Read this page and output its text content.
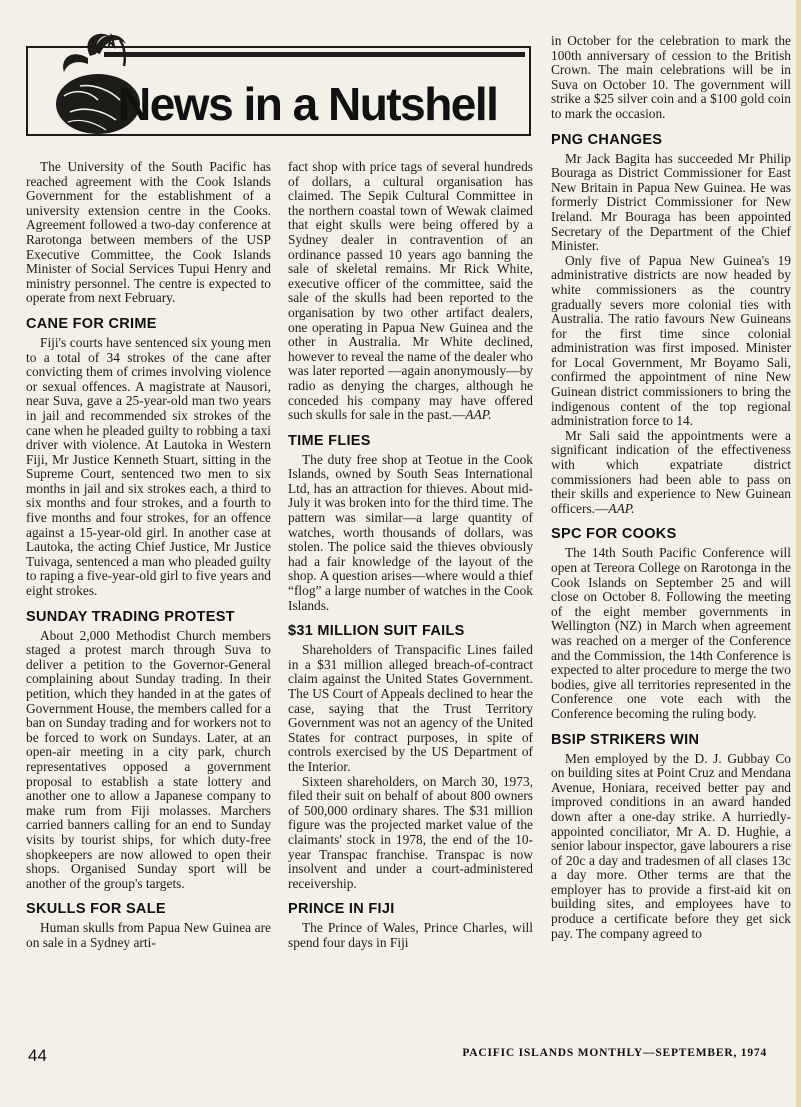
News in a Nutshell

The University of the South Pacific has reached agreement with the Cook Islands Government for the establishment of a university extension centre in the Cooks. Agreement followed a two-day conference at Rarotonga between members of the USP Executive Committee, the Cook Islands Minister of Social Services Tupui Henry and ministry personnel. The centre is expected to operate from next February.

CANE FOR CRIME

Fiji's courts have sentenced six young men to a total of 34 strokes of the cane after convicting them of crimes involving violence or sexual offences. A magistrate at Nausori, near Suva, gave a 25-year-old man two years in jail and recommended six strokes of the cane when he pleaded guilty to robbing a taxi driver with violence. At Lautoka in Western Fiji, Mr Justice Kenneth Stuart, sitting in the Supreme Court, sentenced two men to six months in jail and six strokes each, a third to six months and four strokes, and a fourth to five months and four strokes, for an offence against a 15-year-old girl. In another case at Lautoka, the acting Chief Justice, Mr Justice Tuivaga, sentenced a man who pleaded guilty to raping a five-year-old girl to five years and eight strokes.

SUNDAY TRADING PROTEST

About 2,000 Methodist Church members staged a protest march through Suva to deliver a petition to the Governor-General complaining about Sunday trading. In their petition, which they handed in at the gates of Government House, the members called for a ban on Sunday trading and for workers not to be forced to work on Sundays. Later, at an open-air meeting in a city park, church representatives opposed a government proposal to establish a state lottery and another one to allow a Japanese company to make rum from Fiji molasses. Marchers carried banners calling for an end to Sunday visits by tourist ships, for which duty-free shopkeepers are now allowed to open their shops. Organised Sunday sport will be another of the group's targets.

SKULLS FOR SALE

Human skulls from Papua New Guinea are on sale in a Sydney arti-

fact shop with price tags of several hundreds of dollars, a cultural organisation has claimed. The Sepik Cultural Committee in the northern coastal town of Wewak claimed that eight skulls were being offered by a Sydney dealer in contravention of an ordinance passed 10 years ago banning the sale of skeletal remains. Mr Rick White, executive officer of the committee, said the sale of the skulls had been reported to the organisation by two other artifact dealers, one operating in Papua New Guinea and the other in Australia. Mr White declined, however to reveal the name of the dealer who was later reported —again anonymously—by radio as denying the charges, although he conceded his company may have offered such skulls for sale in the past.—AAP.

TIME FLIES

The duty free shop at Teotue in the Cook Islands, owned by South Seas International Ltd, has an attraction for thieves. About mid-July it was broken into for the third time. The pattern was similar—a large quantity of watches, worth thousands of dollars, was stolen. The police said the thieves obviously had a fair knowledge of the layout of the shop. A question arises—where would a thief “flog” a large number of watches in the Cook Islands.

$31 MILLION SUIT FAILS

Shareholders of Transpacific Lines failed in a $31 million alleged breach-of-contract claim against the United States Government. The US Court of Appeals declined to hear the case, saying that the Trust Territory Government was not an agency of the United States for contract purposes, in spite of controls exercised by the US Department of the Interior.

Sixteen shareholders, on March 30, 1973, filed their suit on behalf of about 800 owners of 500,000 ordinary shares. The $31 million figure was the projected market value of the claimants' stock in 1978, the end of the 10-year Transpac franchise. Transpac is now insolvent and under a court-administered receivership.

PRINCE IN FIJI

The Prince of Wales, Prince Charles, will spend four days in Fiji

in October for the celebration to mark the 100th anniversary of cession to the British Crown. The main celebrations will be in Suva on October 10. The government will strike a $25 silver coin and a $100 gold coin to mark the occasion.

PNG CHANGES

Mr Jack Bagita has succeeded Mr Philip Bouraga as District Commissioner for East New Britain in Papua New Guinea. He was formerly District Commissioner for New Ireland. Mr Bouraga has been appointed Secretary of the Department of the Chief Minister.

Only five of Papua New Guinea's 19 administrative districts are now headed by white commissioners as the country gradually severs more colonial ties with Australia. The ratio favours New Guineans for the first time since colonial administration was first imposed. Minister for Local Government, Mr Boyamo Sali, confirmed the appointment of nine New Guinean district commissioners to bring the indigenous content of the top regional administration force to 14.

Mr Sali said the appointments were a significant indication of the effectiveness with which expatriate district commissioners had been able to pass on their skills and experience to New Guinean officers.—AAP.

SPC FOR COOKS

The 14th South Pacific Conference will open at Tereora College on Rarotonga in the Cook Islands on September 25 and will close on October 8. Following the meeting of the eight member governments in Wellington (NZ) in March when agreement was reached on a merger of the Conference and the Commission, the 14th Conference is expected to alter procedure to merge the two bodies, give all territories represented in the Conference one vote each with the Conference becoming the ruling body.

BSIP STRIKERS WIN

Men employed by the D. J. Gubbay Co on building sites at Point Cruz and Mendana Avenue, Honiara, received better pay and improved conditions in an award handed down after a one-day strike. A hurriedly-appointed conciliator, Mr A. D. Hughie, a senior labour inspector, gave labourers a rise of 20c a day and tradesmen of all clases 13c a day more. Other terms are that the employer has to provide a first-aid kit on building sites, and employees have to produce a certificate before they get sick pay. The company agreed to

44	PACIFIC ISLANDS MONTHLY—SEPTEMBER, 1974
